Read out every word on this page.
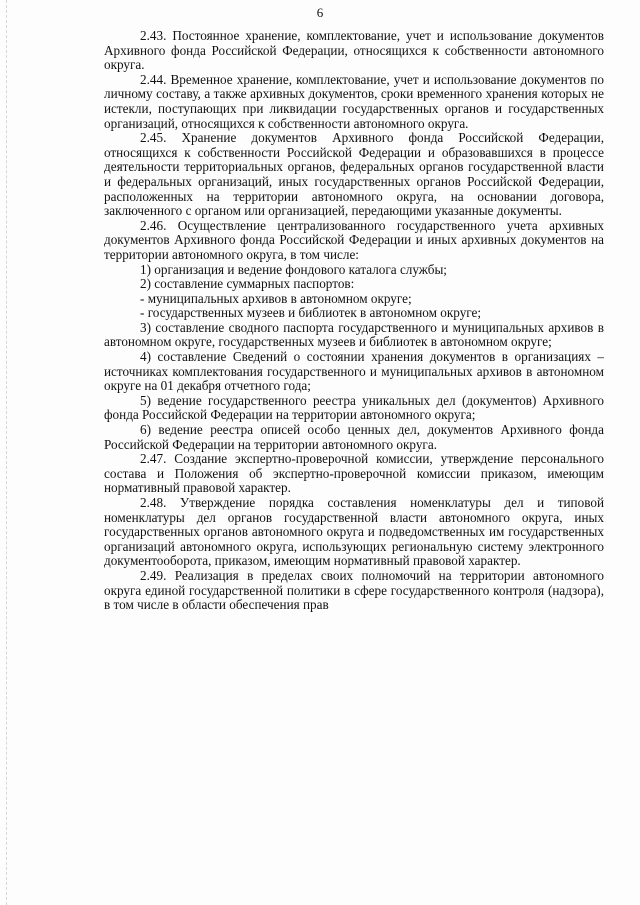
6

2.43. Постоянное хранение, комплектование, учет и использование документов Архивного фонда Российской Федерации, относящихся к собственности автономного округа.

2.44. Временное хранение, комплектование, учет и использование документов по личному составу, а также архивных документов, сроки временного хранения которых не истекли, поступающих при ликвидации государственных органов и государственных организаций, относящихся к собственности автономного округа.

2.45. Хранение документов Архивного фонда Российской Федерации, относящихся к собственности Российской Федерации и образовавшихся в процессе деятельности территориальных органов, федеральных органов государственной власти и федеральных организаций, иных государственных органов Российской Федерации, расположенных на территории автономного округа, на основании договора, заключенного с органом или организацией, передающими указанные документы.

2.46. Осуществление централизованного государственного учета архивных документов Архивного фонда Российской Федерации и иных архивных документов на территории автономного округа, в том числе:

1) организация и ведение фондового каталога службы;

2) составление суммарных паспортов:

- муниципальных архивов в автономном округе;

- государственных музеев и библиотек в автономном округе;

3) составление сводного паспорта государственного и муниципальных архивов в автономном округе, государственных музеев и библиотек в автономном округе;

4) составление Сведений о состоянии хранения документов в организациях – источниках комплектования государственного и муниципальных архивов в автономном округе на 01 декабря отчетного года;

5) ведение государственного реестра уникальных дел (документов) Архивного фонда Российской Федерации на территории автономного округа;

6) ведение реестра описей особо ценных дел, документов Архивного фонда Российской Федерации на территории автономного округа.

2.47. Создание экспертно-проверочной комиссии, утверждение персонального состава и Положения об экспертно-проверочной комиссии приказом, имеющим нормативный правовой характер.

2.48. Утверждение порядка составления номенклатуры дел и типовой номенклатуры дел органов государственной власти автономного округа, иных государственных органов автономного округа и подведомственных им государственных организаций автономного округа, использующих региональную систему электронного документооборота, приказом, имеющим нормативный правовой характер.

2.49. Реализация в пределах своих полномочий на территории автономного округа единой государственной политики в сфере государственного контроля (надзора), в том числе в области обеспечения прав
